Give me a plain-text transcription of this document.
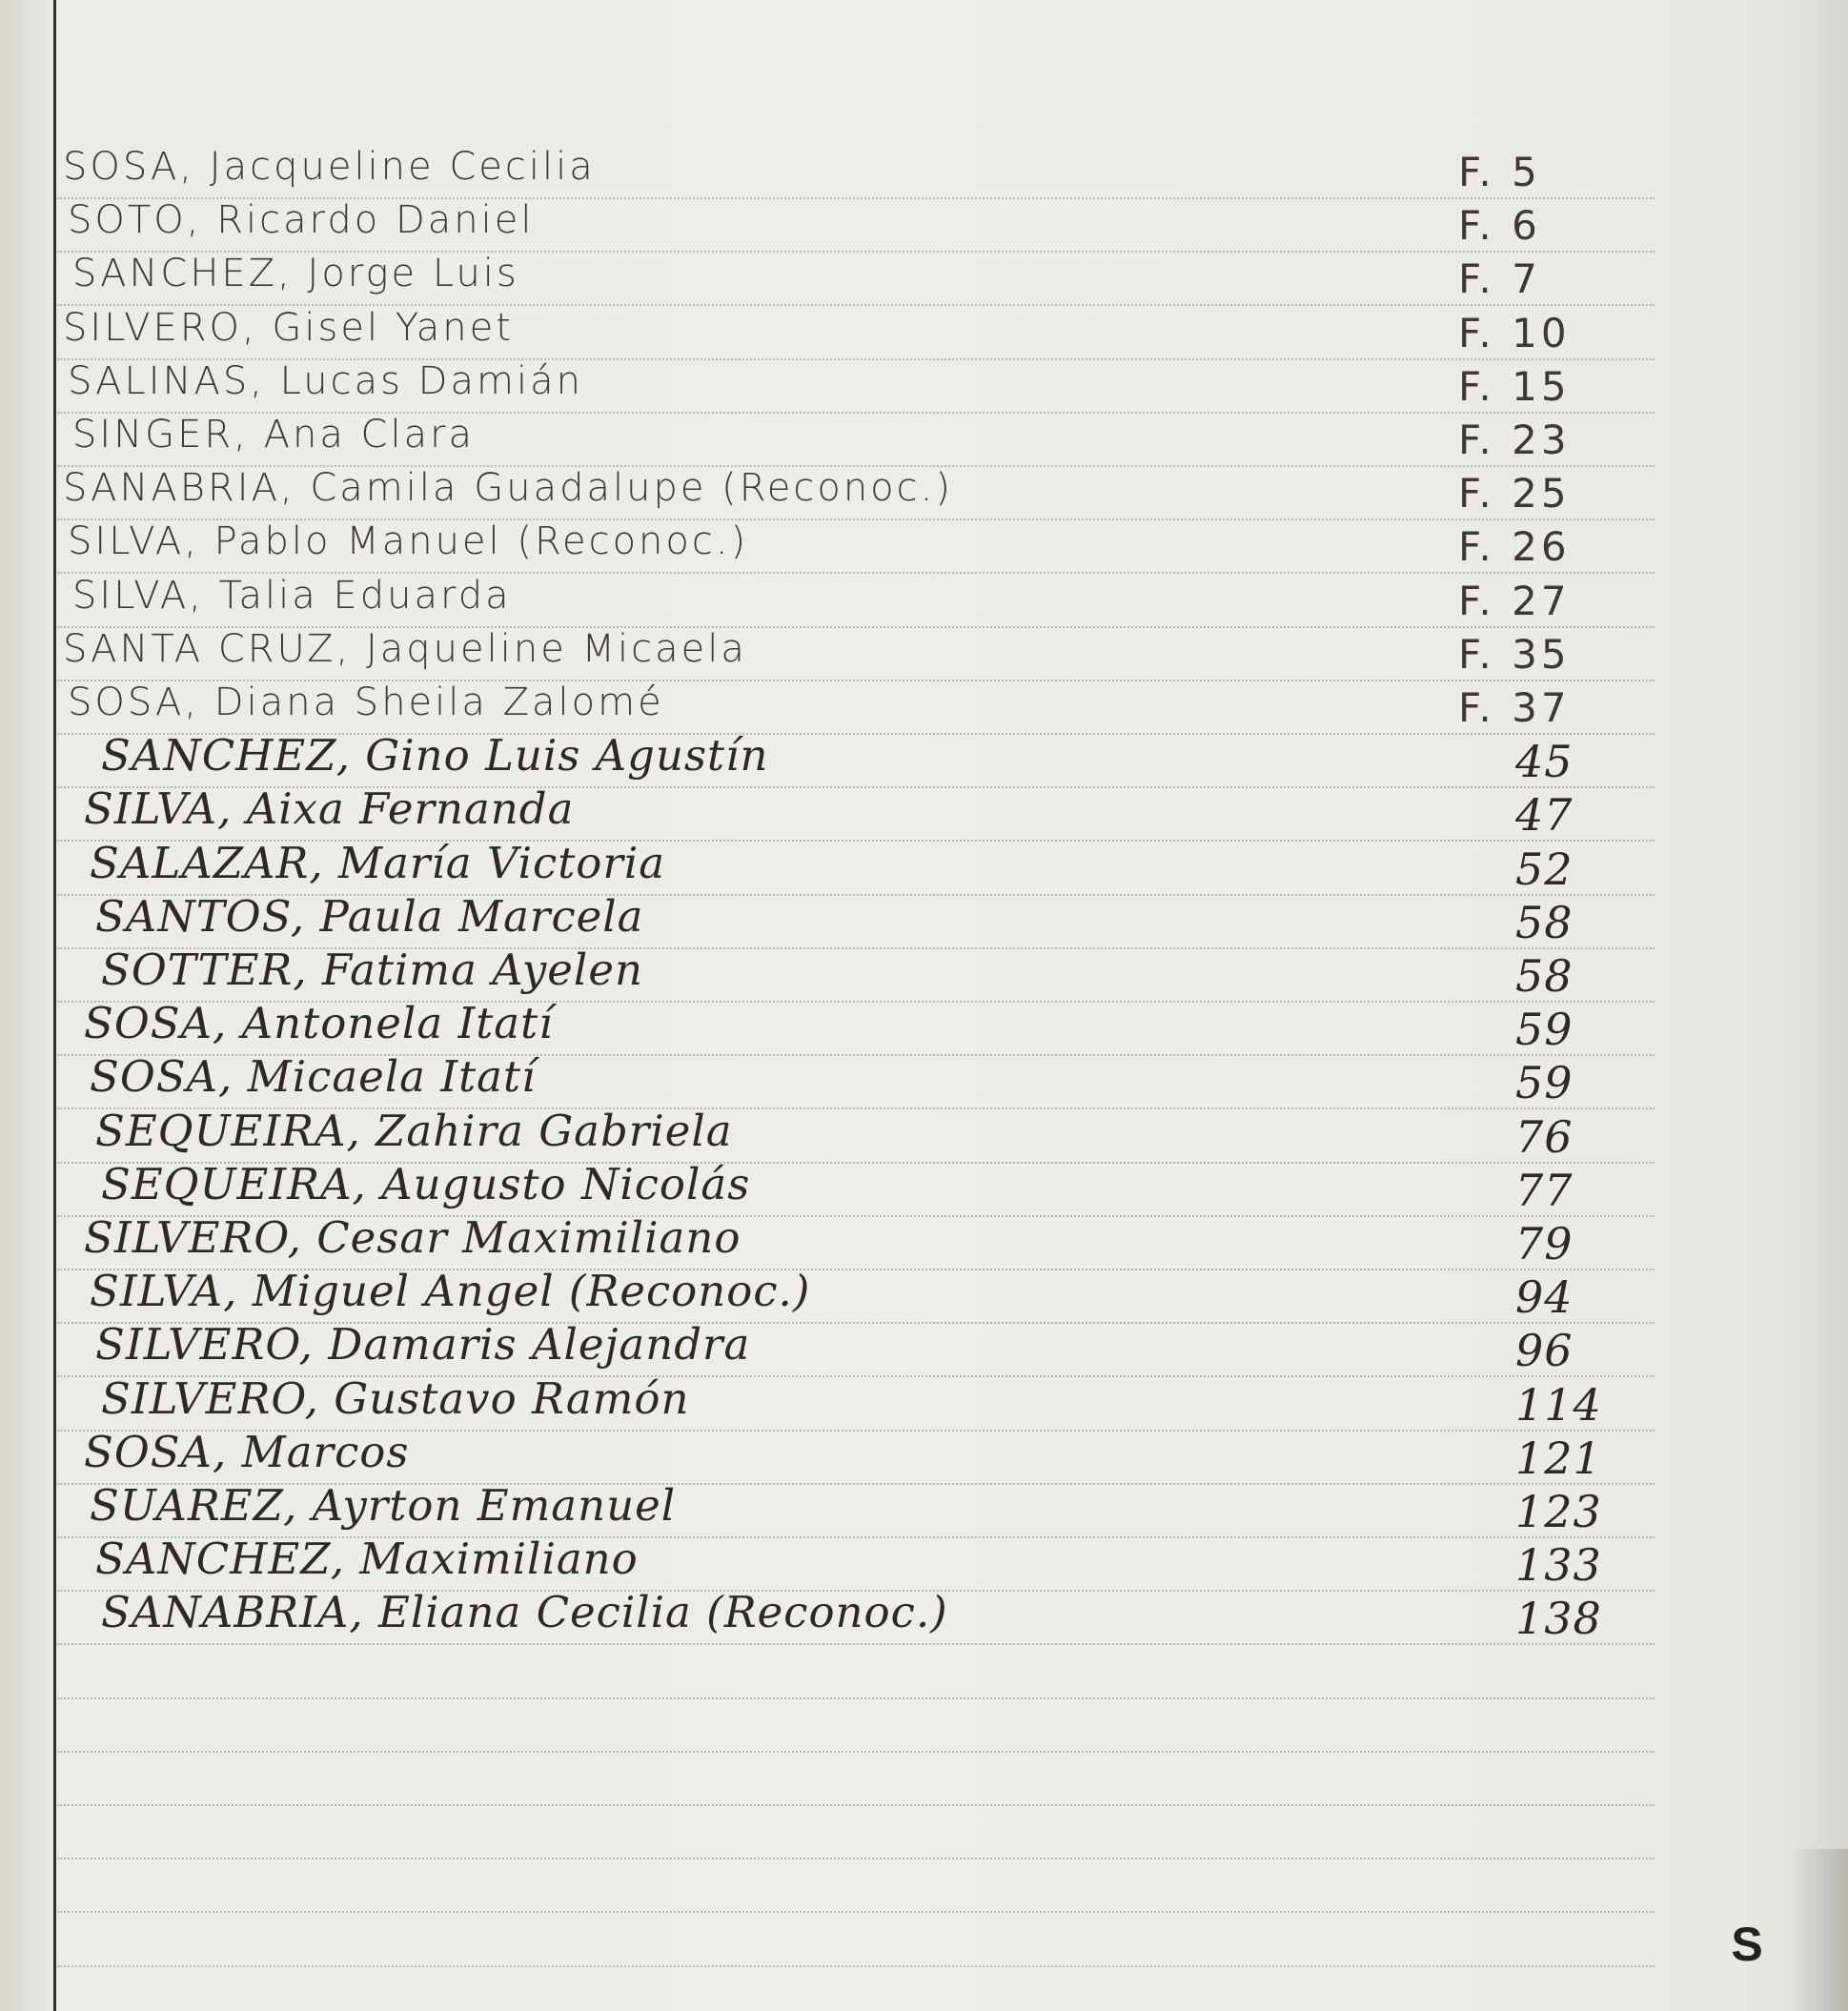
SOSA, Jacqueline Cecilia	F. 5
SOTO, Ricardo Daniel	F. 6
SANCHEZ, Jorge Luis	F. 7
SILVERO, Gisel Yanet	F. 10
SALINAS, Lucas Damián	F. 15
SINGER, Ana Clara	F. 23
SANABRIA, Camila Guadalupe (Reconoc.)	F. 25
SILVA, Pablo Manuel (Reconoc.)	F. 26
SILVA, Talia Eduarda	F. 27
SANTA CRUZ, Jaqueline Micaela	F. 35
SOSA, Diana Sheila Zalomé	F. 37
SANCHEZ, Gino Luis Agustín	45
SILVA, Aixa Fernanda	47
SALAZAR, María Victoria	52
SANTOS, Paula Marcela	58
SOTTER, Fatima Ayelen	58
SOSA, Antonela Itatí	59
SOSA, Micaela Itatí	59
SEQUEIRA, Zahira Gabriela	76
SEQUEIRA, Augusto Nicolás	77
SILVERO, Cesar Maximiliano	79
SILVA, Miguel Angel (Reconoc.)	94
SILVERO, Damaris Alejandra	96
SILVERO, Gustavo Ramón	114
SOSA, Marcos	121
SUAREZ, Ayrton Emanuel	123
SANCHEZ, Maximiliano	133
SANABRIA, Eliana Cecilia (Reconoc.)	138
S
